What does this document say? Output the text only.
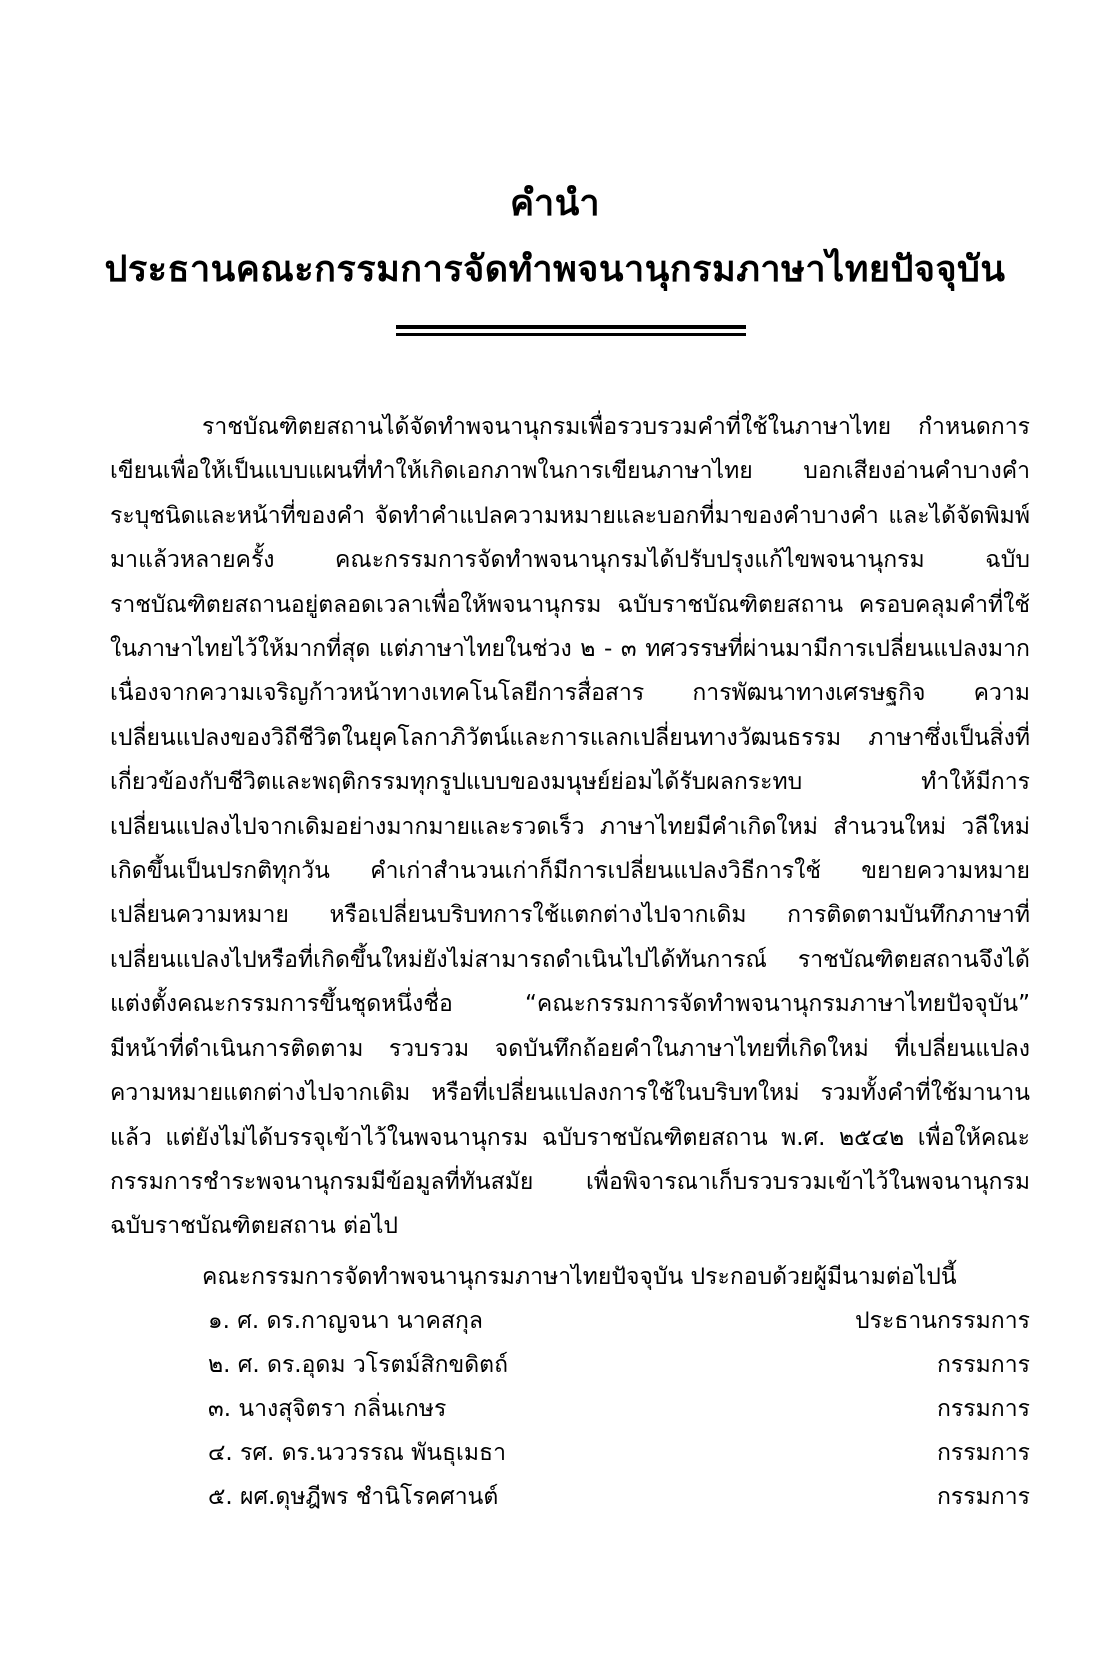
คำนำ
ประธานคณะกรรมการจัดทำพจนานุกรมภาษาไทยปัจจุบัน

ราชบัณฑิตยสถานได้จัดทำพจนานุกรมเพื่อรวบรวมคำที่ใช้ในภาษาไทย กำหนดการเขียนเพื่อให้เป็นแบบแผนที่ทำให้เกิดเอกภาพในการเขียนภาษาไทย บอกเสียงอ่านคำบางคำ ระบุชนิดและหน้าที่ของคำ จัดทำคำแปลความหมายและบอกที่มาของคำบางคำ และได้จัดพิมพ์มาแล้วหลายครั้ง คณะกรรมการจัดทำพจนานุกรมได้ปรับปรุงแก้ไขพจนานุกรม ฉบับราชบัณฑิตยสถานอยู่ตลอดเวลาเพื่อให้พจนานุกรม ฉบับราชบัณฑิตยสถาน ครอบคลุมคำที่ใช้ในภาษาไทยไว้ให้มากที่สุด แต่ภาษาไทยในช่วง ๒ - ๓ ทศวรรษที่ผ่านมามีการเปลี่ยนแปลงมาก เนื่องจากความเจริญก้าวหน้าทางเทคโนโลยีการสื่อสาร การพัฒนาทางเศรษฐกิจ ความเปลี่ยนแปลงของวิถีชีวิตในยุคโลกาภิวัตน์และการแลกเปลี่ยนทางวัฒนธรรม ภาษาซึ่งเป็นสิ่งที่เกี่ยวข้องกับชีวิตและพฤติกรรมทุกรูปแบบของมนุษย์ย่อมได้รับผลกระทบ ทำให้มีการเปลี่ยนแปลงไปจากเดิมอย่างมากมายและรวดเร็ว ภาษาไทยมีคำเกิดใหม่ สำนวนใหม่ วลีใหม่เกิดขึ้นเป็นปรกติทุกวัน คำเก่าสำนวนเก่าก็มีการเปลี่ยนแปลงวิธีการใช้ ขยายความหมาย เปลี่ยนความหมาย หรือเปลี่ยนบริบทการใช้แตกต่างไปจากเดิม การติดตามบันทึกภาษาที่เปลี่ยนแปลงไปหรือที่เกิดขึ้นใหม่ยังไม่สามารถดำเนินไปได้ทันการณ์ ราชบัณฑิตยสถานจึงได้แต่งตั้งคณะกรรมการขึ้นชุดหนึ่งชื่อ “คณะกรรมการจัดทำพจนานุกรมภาษาไทยปัจจุบัน” มีหน้าที่ดำเนินการติดตาม รวบรวม จดบันทึกถ้อยคำในภาษาไทยที่เกิดใหม่ ที่เปลี่ยนแปลงความหมายแตกต่างไปจากเดิม หรือที่เปลี่ยนแปลงการใช้ในบริบทใหม่ รวมทั้งคำที่ใช้มานานแล้ว แต่ยังไม่ได้บรรจุเข้าไว้ในพจนานุกรม ฉบับราชบัณฑิตยสถาน พ.ศ. ๒๕๔๒ เพื่อให้คณะกรรมการชำระพจนานุกรมมีข้อมูลที่ทันสมัย เพื่อพิจารณาเก็บรวบรวมเข้าไว้ในพจนานุกรม ฉบับราชบัณฑิตยสถาน ต่อไป

คณะกรรมการจัดทำพจนานุกรมภาษาไทยปัจจุบัน ประกอบด้วยผู้มีนามต่อไปนี้

๑. ศ. ดร.กาญจนา นาคสกุล	ประธานกรรมการ
๒. ศ. ดร.อุดม วโรตม์สิกขดิตถ์	กรรมการ
๓. นางสุจิตรา กลิ่นเกษร	กรรมการ
๔. รศ. ดร.นววรรณ พันธุเมธา	กรรมการ
๕. ผศ.ดุษฎีพร ชำนิโรคศานต์	กรรมการ
